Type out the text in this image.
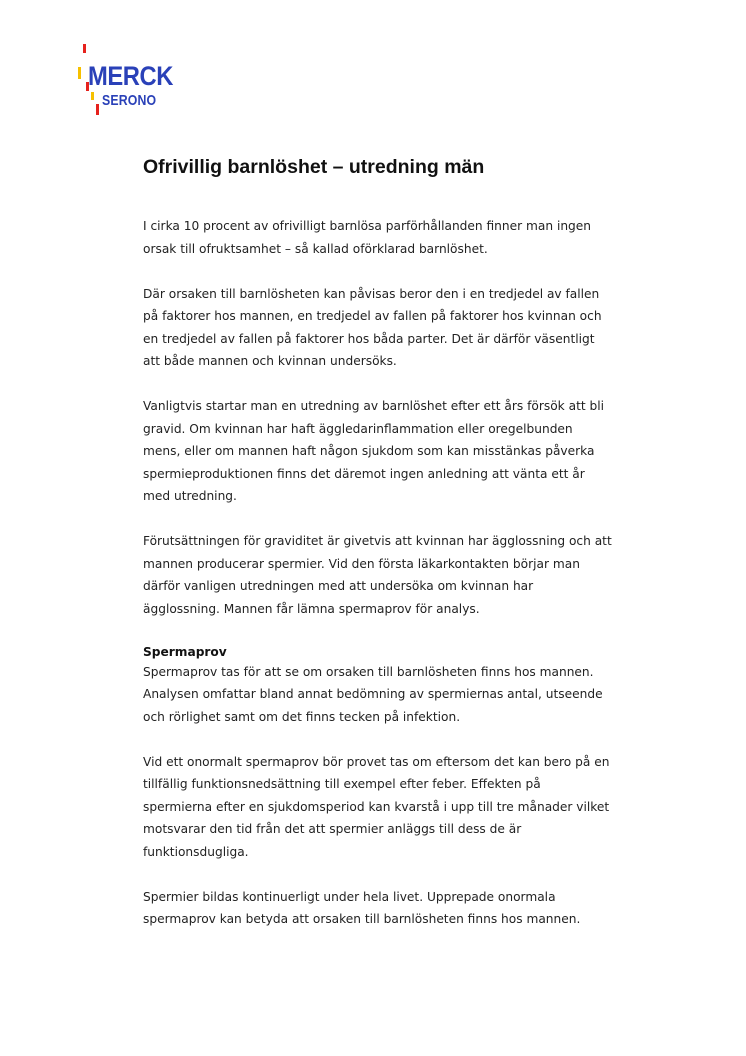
MERCK
SERONO
Ofrivillig barnlöshet – utredning män

I cirka 10 procent av ofrivilligt barnlösa parförhållanden finner man ingen orsak till ofruktsamhet – så kallad oförklarad barnlöshet.

Där orsaken till barnlösheten kan påvisas beror den i en tredjedel av fallen på faktorer hos mannen, en tredjedel av fallen på faktorer hos kvinnan och en tredjedel av fallen på faktorer hos båda parter. Det är därför väsentligt att både mannen och kvinnan undersöks.

Vanligtvis startar man en utredning av barnlöshet efter ett års försök att bli gravid. Om kvinnan har haft äggledarinflammation eller oregelbunden mens, eller om mannen haft någon sjukdom som kan misstänkas påverka spermieproduktionen finns det däremot ingen anledning att vänta ett år med utredning.

Förutsättningen för graviditet är givetvis att kvinnan har ägglossning och att mannen producerar spermier. Vid den första läkarkontakten börjar man därför vanligen utredningen med att undersöka om kvinnan har ägglossning. Mannen får lämna spermaprov för analys.

Spermaprov

Spermaprov tas för att se om orsaken till barnlösheten finns hos mannen. Analysen omfattar bland annat bedömning av spermiernas antal, utseende och rörlighet samt om det finns tecken på infektion.

Vid ett onormalt spermaprov bör provet tas om eftersom det kan bero på en tillfällig funktionsnedsättning till exempel efter feber. Effekten på spermierna efter en sjukdomsperiod kan kvarstå i upp till tre månader vilket motsvarar den tid från det att spermier anläggs till dess de är funktionsdugliga.

Spermier bildas kontinuerligt under hela livet. Upprepade onormala spermaprov kan betyda att orsaken till barnlösheten finns hos mannen.
